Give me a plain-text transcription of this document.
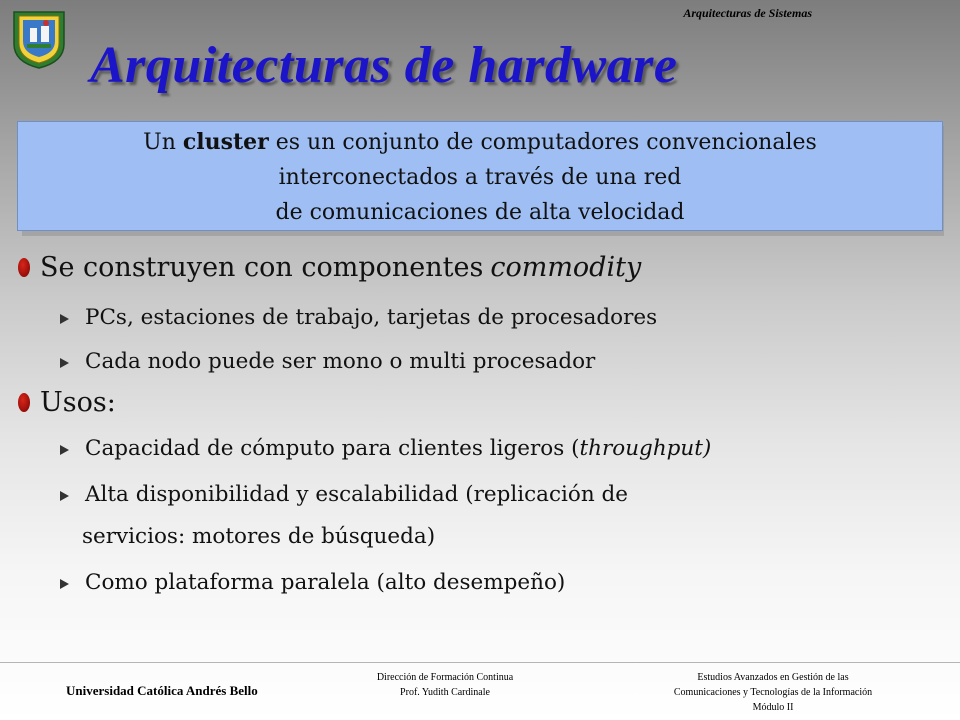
Arquitecturas de Sistemas
Arquitecturas de hardware
Un cluster es un conjunto de computadores convencionales
interconectados a través de una red
de comunicaciones de alta velocidad
Se construyen con componentes commodity
PCs, estaciones de trabajo, tarjetas de procesadores
Cada nodo puede ser mono o multi procesador
Usos:
Capacidad de cómputo para clientes ligeros ( throughput)
Alta disponibilidad y escalabilidad (replicación de
servicios: motores de búsqueda)
Como plataforma paralela (alto desempeño)
Universidad Católica Andrés Bello
Dirección de Formación Continua
Prof. Yudith Cardinale
Estudios Avanzados en Gestión de las
Comunicaciones y Tecnologías de la Información
Módulo II
